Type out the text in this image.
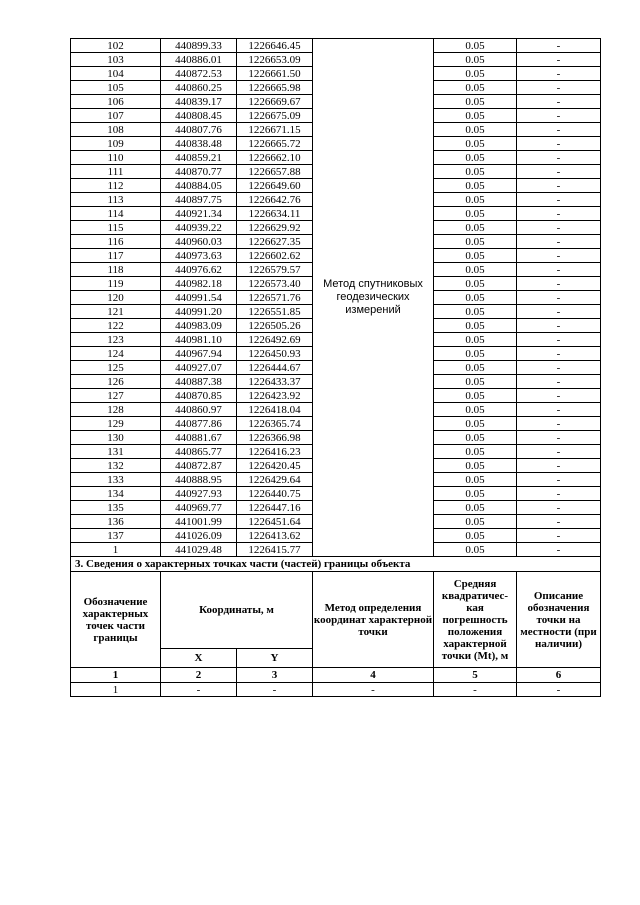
102	440899.33	1226646.45	Метод спутниковых геодезических измерений	0.05	-
103	440886.01	1226653.09		0.05	-
104	440872.53	1226661.50		0.05	-
105	440860.25	1226665.98		0.05	-
106	440839.17	1226669.67		0.05	-
107	440808.45	1226675.09		0.05	-
108	440807.76	1226671.15		0.05	-
109	440838.48	1226665.72		0.05	-
110	440859.21	1226662.10		0.05	-
111	440870.77	1226657.88		0.05	-
112	440884.05	1226649.60		0.05	-
113	440897.75	1226642.76		0.05	-
114	440921.34	1226634.11		0.05	-
115	440939.22	1226629.92		0.05	-
116	440960.03	1226627.35		0.05	-
117	440973.63	1226602.62		0.05	-
118	440976.62	1226579.57		0.05	-
119	440982.18	1226573.40		0.05	-
120	440991.54	1226571.76		0.05	-
121	440991.20	1226551.85		0.05	-
122	440983.09	1226505.26		0.05	-
123	440981.10	1226492.69		0.05	-
124	440967.94	1226450.93		0.05	-
125	440927.07	1226444.67		0.05	-
126	440887.38	1226433.37		0.05	-
127	440870.85	1226423.92		0.05	-
128	440860.97	1226418.04		0.05	-
129	440877.86	1226365.74		0.05	-
130	440881.67	1226366.98		0.05	-
131	440865.77	1226416.23		0.05	-
132	440872.87	1226420.45		0.05	-
133	440888.95	1226429.64		0.05	-
134	440927.93	1226440.75		0.05	-
135	440969.77	1226447.16		0.05	-
136	441001.99	1226451.64		0.05	-
137	441026.09	1226413.62		0.05	-
1	441029.48	1226415.77		0.05	-
3. Сведения о характерных точках части (частей) границы объекта					
Обозначение характерных точек части границы	Координаты, м		Метод определения координат характерной точки	Средняя квадратичес-кая погрешность положения характерной точки (Mt), м	Описание обозначения точки на местности (при наличии)
	X	Y			
1	2	3	4	5	6
1	-	-	-	-	-
